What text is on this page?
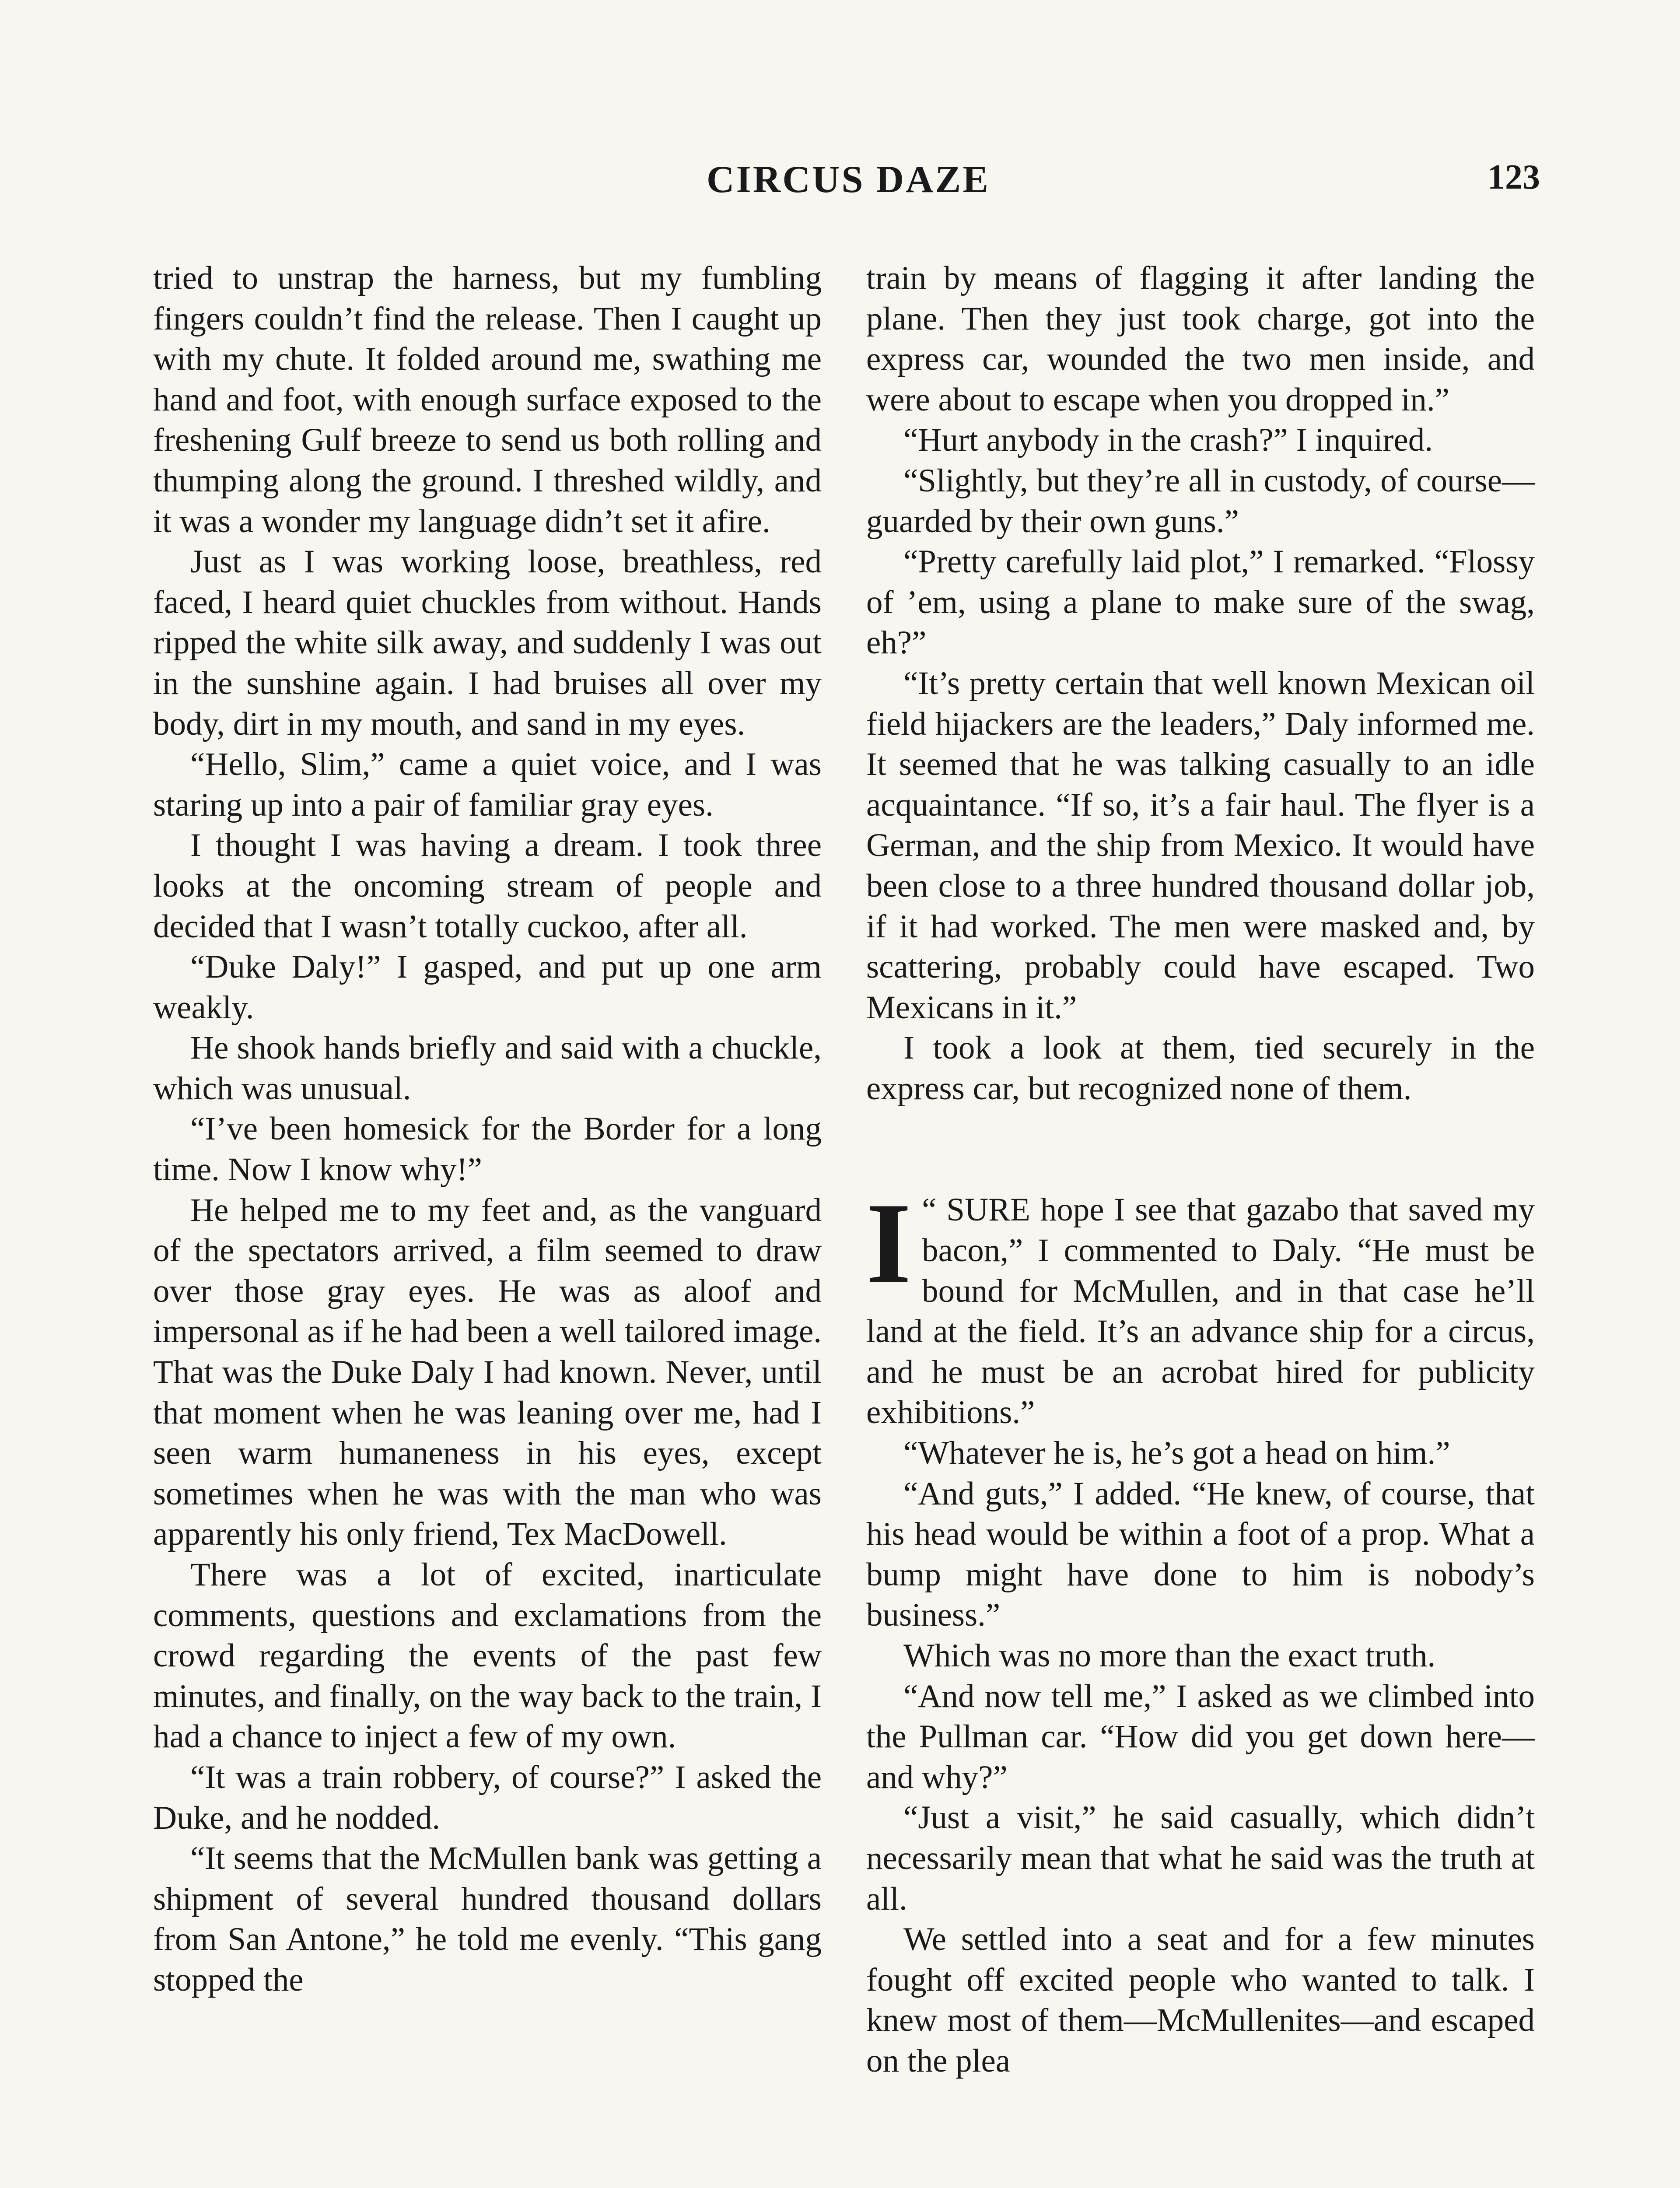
CIRCUS DAZE	123

tried to unstrap the harness, but my fumbling fingers couldn’t find the release. Then I caught up with my chute. It folded around me, swathing me hand and foot, with enough surface exposed to the freshening Gulf breeze to send us both rolling and thumping along the ground. I threshed wildly, and it was a wonder my language didn’t set it afire.

Just as I was working loose, breathless, red faced, I heard quiet chuckles from without. Hands ripped the white silk away, and suddenly I was out in the sunshine again. I had bruises all over my body, dirt in my mouth, and sand in my eyes.

“Hello, Slim,” came a quiet voice, and I was staring up into a pair of familiar gray eyes.

I thought I was having a dream. I took three looks at the oncoming stream of people and decided that I wasn’t totally cuckoo, after all.

“Duke Daly!” I gasped, and put up one arm weakly.

He shook hands briefly and said with a chuckle, which was unusual.

“I’ve been homesick for the Border for a long time. Now I know why!”

He helped me to my feet and, as the vanguard of the spectators arrived, a film seemed to draw over those gray eyes. He was as aloof and impersonal as if he had been a well tailored image. That was the Duke Daly I had known. Never, until that moment when he was leaning over me, had I seen warm humaneness in his eyes, except sometimes when he was with the man who was apparently his only friend, Tex MacDowell.

There was a lot of excited, inarticulate comments, questions and exclamations from the crowd regarding the events of the past few minutes, and finally, on the way back to the train, I had a chance to inject a few of my own.

“It was a train robbery, of course?” I asked the Duke, and he nodded.

“It seems that the McMullen bank was getting a shipment of several hundred thousand dollars from San Antone,” he told me evenly. “This gang stopped the

train by means of flagging it after landing the plane. Then they just took charge, got into the express car, wounded the two men inside, and were about to escape when you dropped in.”

“Hurt anybody in the crash?” I inquired.

“Slightly, but they’re all in custody, of course—guarded by their own guns.”

“Pretty carefully laid plot,” I remarked. “Flossy of ’em, using a plane to make sure of the swag, eh?”

“It’s pretty certain that well known Mexican oil field hijackers are the leaders,” Daly informed me. It seemed that he was talking casually to an idle acquaintance. “If so, it’s a fair haul. The flyer is a German, and the ship from Mexico. It would have been close to a three hundred thousand dollar job, if it had worked. The men were masked and, by scattering, probably could have escaped. Two Mexicans in it.”

I took a look at them, tied securely in the express car, but recognized none of them.

“
I SURE hope I see that gazabo that saved my bacon,” I commented to Daly. “He must be bound for McMullen, and in that case he’ll land at the field. It’s an advance ship for a circus, and he must be an acrobat hired for publicity exhibitions.”

“Whatever he is, he’s got a head on him.”

“And guts,” I added. “He knew, of course, that his head would be within a foot of a prop. What a bump might have done to him is nobody’s business.”

Which was no more than the exact truth.

“And now tell me,” I asked as we climbed into the Pullman car. “How did you get down here—and why?”

“Just a visit,” he said casually, which didn’t necessarily mean that what he said was the truth at all.

We settled into a seat and for a few minutes fought off excited people who wanted to talk. I knew most of them—McMullenites—and escaped on the plea
